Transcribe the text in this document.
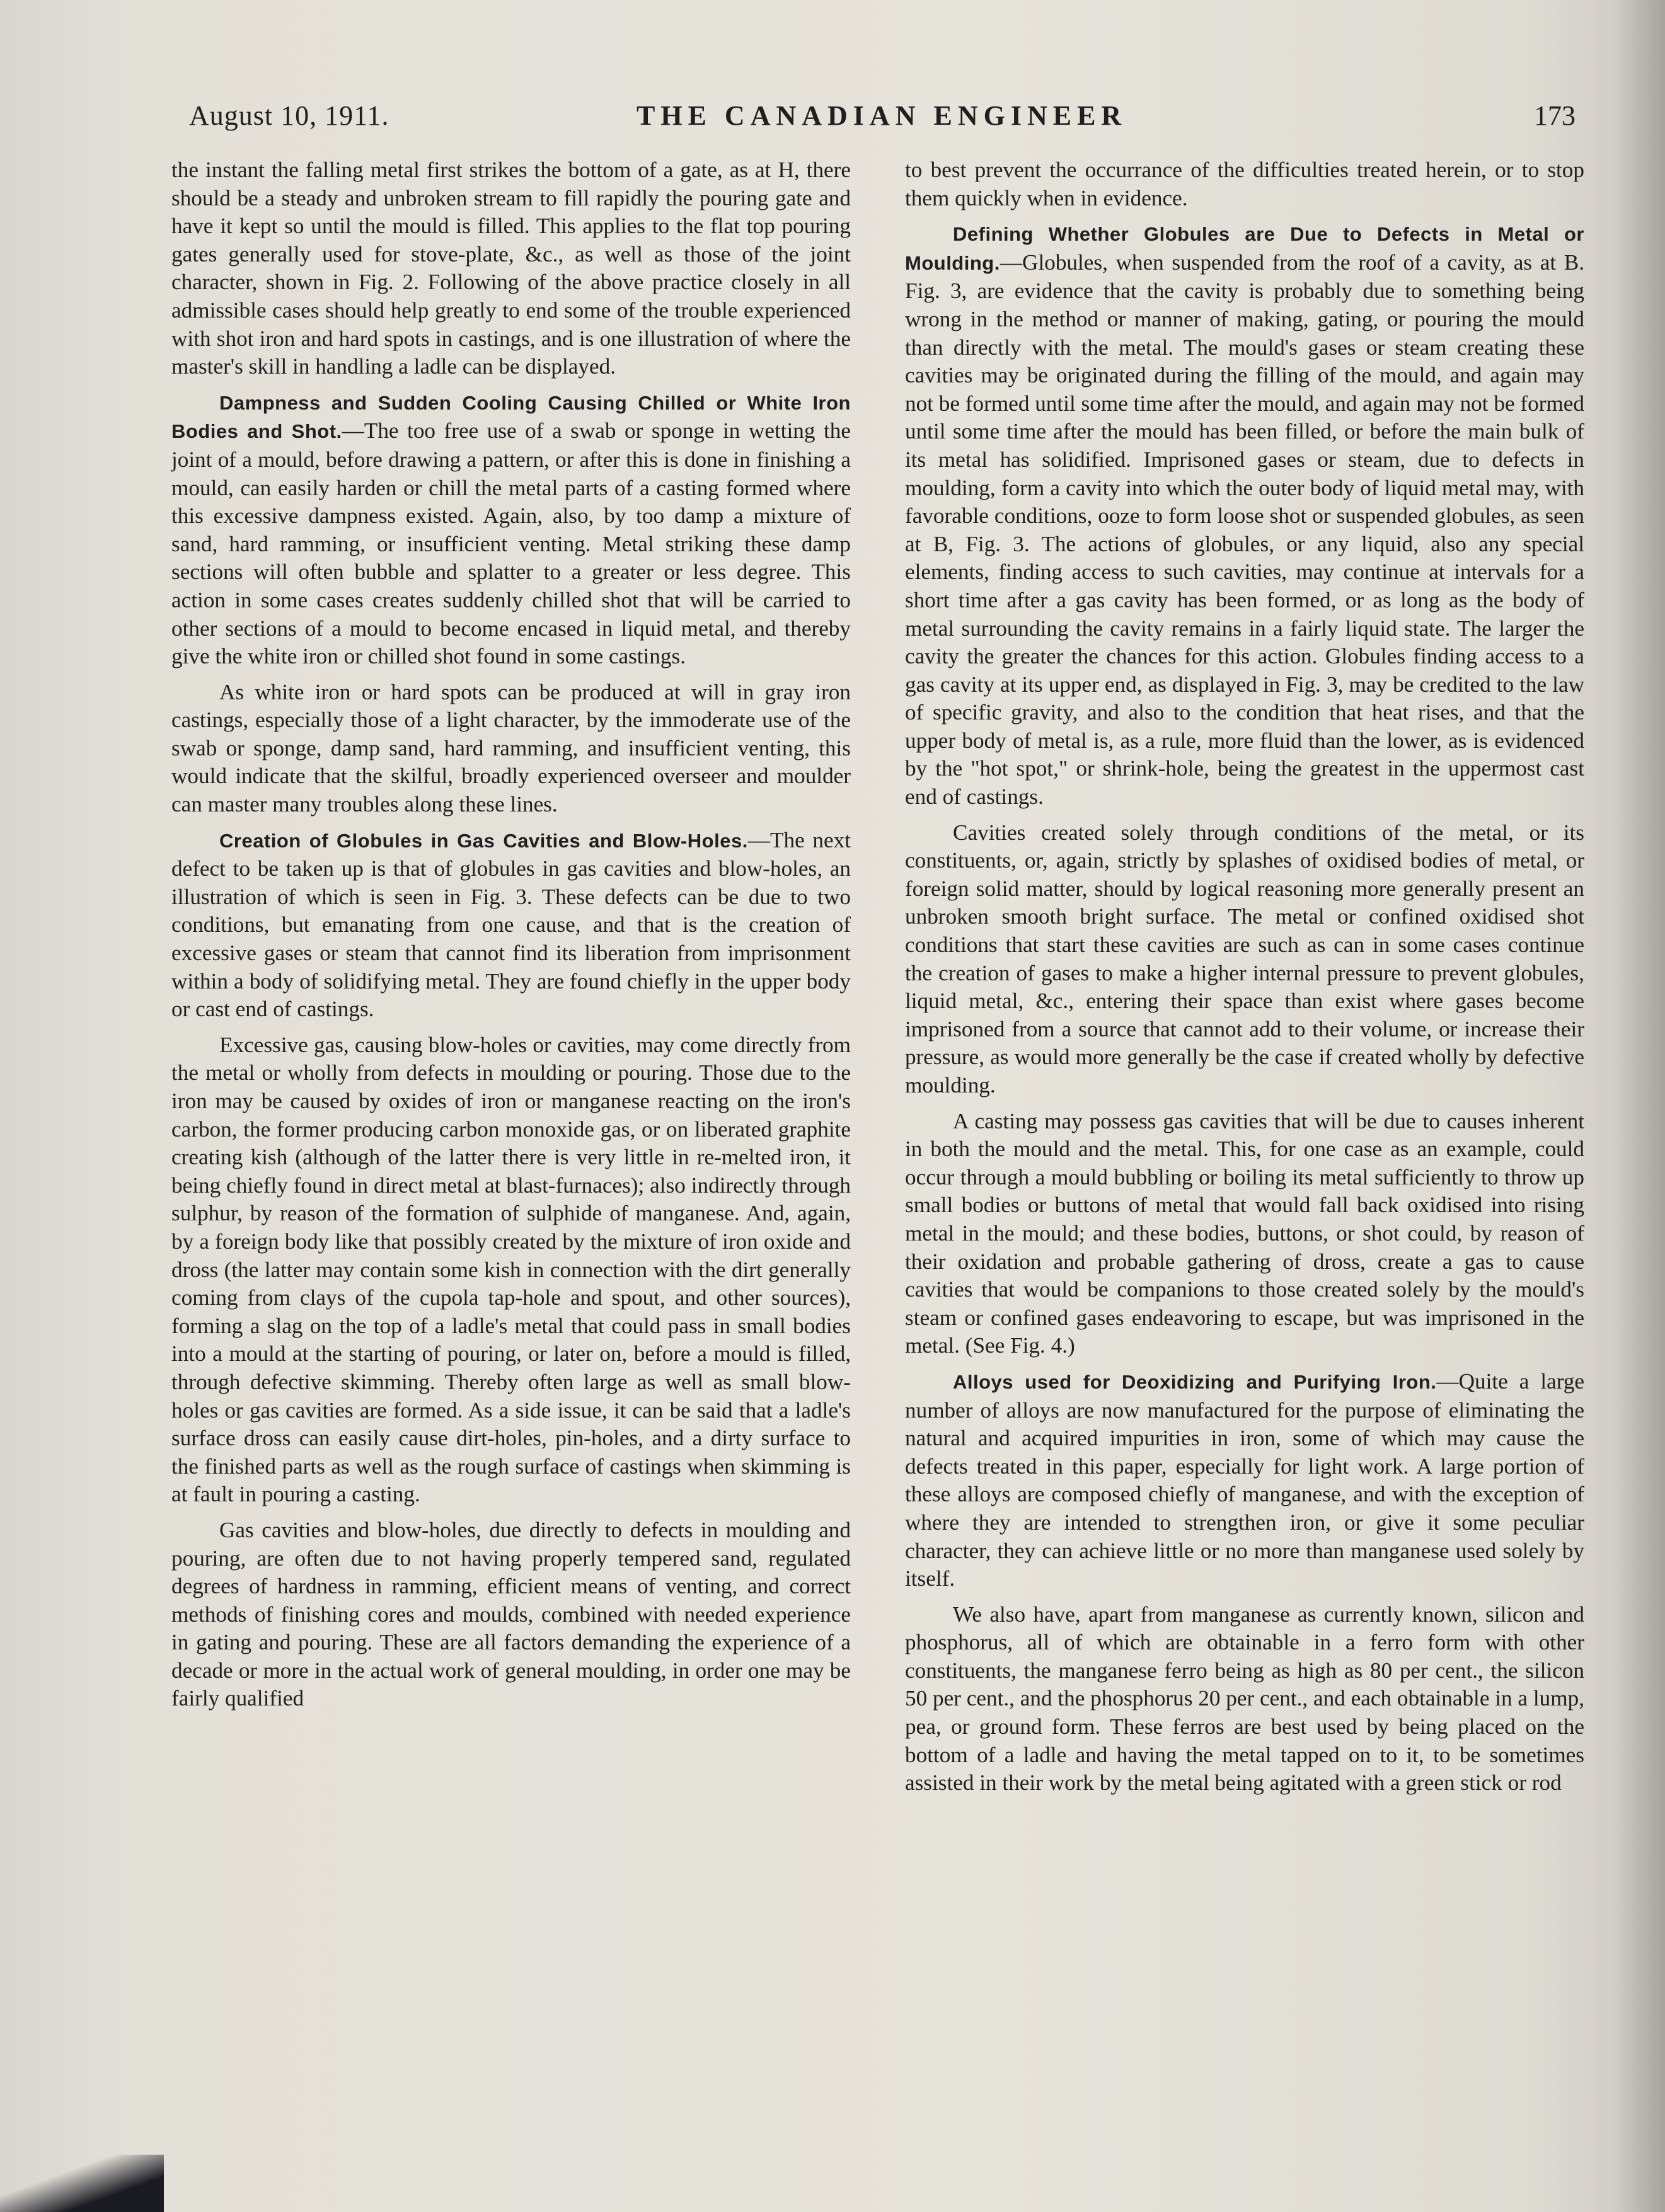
August 10, 1911.	THE CANADIAN ENGINEER	173

the instant the falling metal first strikes the bottom of a gate, as at H, there should be a steady and unbroken stream to fill rapidly the pouring gate and have it kept so until the mould is filled. This applies to the flat top pouring gates generally used for stove-plate, &c., as well as those of the joint character, shown in Fig. 2. Following of the above practice closely in all admissible cases should help greatly to end some of the trouble experienced with shot iron and hard spots in castings, and is one illustration of where the master's skill in handling a ladle can be displayed.

Dampness and Sudden Cooling Causing Chilled or White Iron Bodies and Shot.—The too free use of a swab or sponge in wetting the joint of a mould, before drawing a pattern, or after this is done in finishing a mould, can easily harden or chill the metal parts of a casting formed where this excessive dampness existed. Again, also, by too damp a mixture of sand, hard ramming, or insufficient venting. Metal striking these damp sections will often bubble and splatter to a greater or less degree. This action in some cases creates suddenly chilled shot that will be carried to other sections of a mould to become encased in liquid metal, and thereby give the white iron or chilled shot found in some castings.

As white iron or hard spots can be produced at will in gray iron castings, especially those of a light character, by the immoderate use of the swab or sponge, damp sand, hard ramming, and insufficient venting, this would indicate that the skilful, broadly experienced overseer and moulder can master many troubles along these lines.

Creation of Globules in Gas Cavities and Blow-Holes.—The next defect to be taken up is that of globules in gas cavities and blow-holes, an illustration of which is seen in Fig. 3. These defects can be due to two conditions, but emanating from one cause, and that is the creation of excessive gases or steam that cannot find its liberation from imprisonment within a body of solidifying metal. They are found chiefly in the upper body or cast end of castings.

Excessive gas, causing blow-holes or cavities, may come directly from the metal or wholly from defects in moulding or pouring. Those due to the iron may be caused by oxides of iron or manganese reacting on the iron's carbon, the former producing carbon monoxide gas, or on liberated graphite creating kish (although of the latter there is very little in re-melted iron, it being chiefly found in direct metal at blast-furnaces); also indirectly through sulphur, by reason of the formation of sulphide of manganese. And, again, by a foreign body like that possibly created by the mixture of iron oxide and dross (the latter may contain some kish in connection with the dirt generally coming from clays of the cupola tap-hole and spout, and other sources), forming a slag on the top of a ladle's metal that could pass in small bodies into a mould at the starting of pouring, or later on, before a mould is filled, through defective skimming. Thereby often large as well as small blow-holes or gas cavities are formed. As a side issue, it can be said that a ladle's surface dross can easily cause dirt-holes, pin-holes, and a dirty surface to the finished parts as well as the rough surface of castings when skimming is at fault in pouring a casting.

Gas cavities and blow-holes, due directly to defects in moulding and pouring, are often due to not having properly tempered sand, regulated degrees of hardness in ramming, efficient means of venting, and correct methods of finishing cores and moulds, combined with needed experience in gating and pouring. These are all factors demanding the experience of a decade or more in the actual work of general moulding, in order one may be fairly qualified

to best prevent the occurrance of the difficulties treated herein, or to stop them quickly when in evidence.

Defining Whether Globules are Due to Defects in Metal or Moulding.—Globules, when suspended from the roof of a cavity, as at B. Fig. 3, are evidence that the cavity is probably due to something being wrong in the method or manner of making, gating, or pouring the mould than directly with the metal. The mould's gases or steam creating these cavities may be originated during the filling of the mould, and again may not be formed until some time after the mould, and again may not be formed until some time after the mould has been filled, or before the main bulk of its metal has solidified. Imprisoned gases or steam, due to defects in moulding, form a cavity into which the outer body of liquid metal may, with favorable conditions, ooze to form loose shot or suspended globules, as seen at B, Fig. 3. The actions of globules, or any liquid, also any special elements, finding access to such cavities, may continue at intervals for a short time after a gas cavity has been formed, or as long as the body of metal surrounding the cavity remains in a fairly liquid state. The larger the cavity the greater the chances for this action. Globules finding access to a gas cavity at its upper end, as displayed in Fig. 3, may be credited to the law of specific gravity, and also to the condition that heat rises, and that the upper body of metal is, as a rule, more fluid than the lower, as is evidenced by the "hot spot," or shrink-hole, being the greatest in the uppermost cast end of castings.

Cavities created solely through conditions of the metal, or its constituents, or, again, strictly by splashes of oxidised bodies of metal, or foreign solid matter, should by logical reasoning more generally present an unbroken smooth bright surface. The metal or confined oxidised shot conditions that start these cavities are such as can in some cases continue the creation of gases to make a higher internal pressure to prevent globules, liquid metal, &c., entering their space than exist where gases become imprisoned from a source that cannot add to their volume, or increase their pressure, as would more generally be the case if created wholly by defective moulding.

A casting may possess gas cavities that will be due to causes inherent in both the mould and the metal. This, for one case as an example, could occur through a mould bubbling or boiling its metal sufficiently to throw up small bodies or buttons of metal that would fall back oxidised into rising metal in the mould; and these bodies, buttons, or shot could, by reason of their oxidation and probable gathering of dross, create a gas to cause cavities that would be companions to those created solely by the mould's steam or confined gases endeavoring to escape, but was imprisoned in the metal. (See Fig. 4.)

Alloys used for Deoxidizing and Purifying Iron.—Quite a large number of alloys are now manufactured for the purpose of eliminating the natural and acquired impurities in iron, some of which may cause the defects treated in this paper, especially for light work. A large portion of these alloys are composed chiefly of manganese, and with the exception of where they are intended to strengthen iron, or give it some peculiar character, they can achieve little or no more than manganese used solely by itself.

We also have, apart from manganese as currently known, silicon and phosphorus, all of which are obtainable in a ferro form with other constituents, the manganese ferro being as high as 80 per cent., the silicon 50 per cent., and the phosphorus 20 per cent., and each obtainable in a lump, pea, or ground form. These ferros are best used by being placed on the bottom of a ladle and having the metal tapped on to it, to be sometimes assisted in their work by the metal being agitated with a green stick or rod
